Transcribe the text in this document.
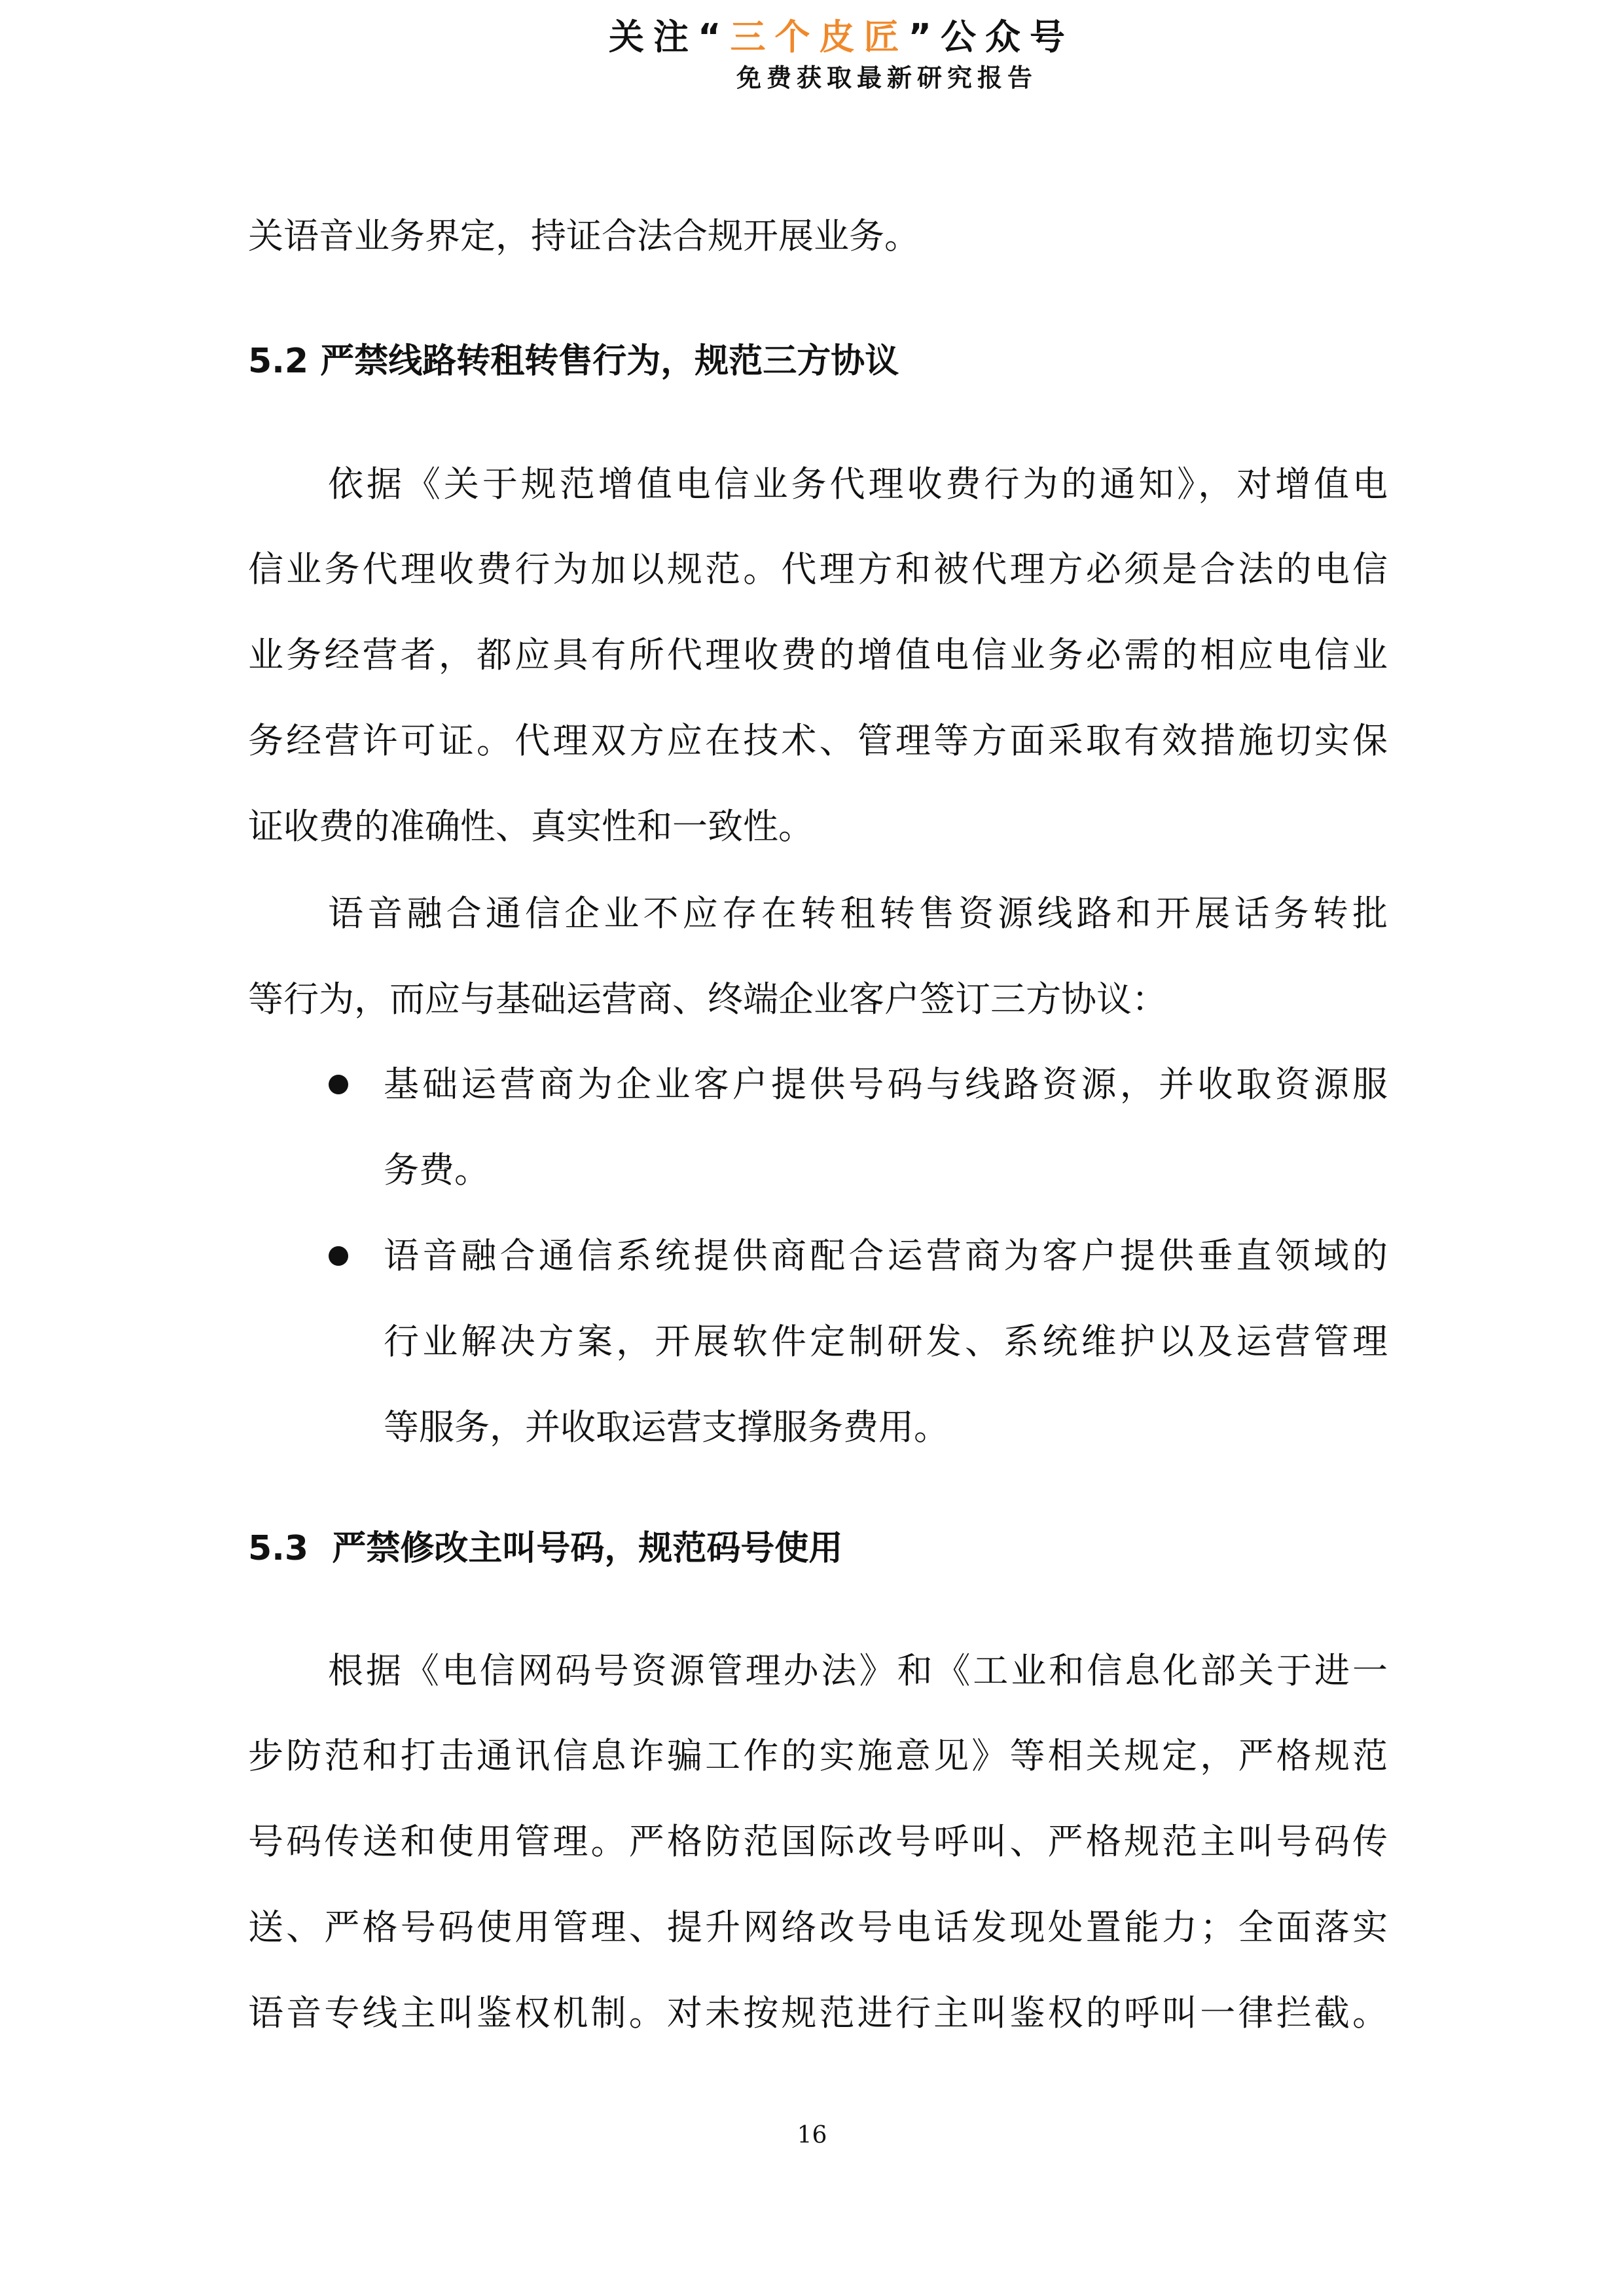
关注“三个皮匠”公众号
免费获取最新研究报告
关语音业务界定，持证合法合规开展业务。
5.2 严禁线路转租转售行为，规范三方协议
依据《关于规范增值电信业务代理收费行为的通知》，对增值电
信业务代理收费行为加以规范。代理方和被代理方必须是合法的电信
业务经营者，都应具有所代理收费的增值电信业务必需的相应电信业
务经营许可证。代理双方应在技术、管理等方面采取有效措施切实保
证收费的准确性、真实性和一致性。
语音融合通信企业不应存在转租转售资源线路和开展话务转批
等行为，而应与基础运营商、终端企业客户签订三方协议：
基础运营商为企业客户提供号码与线路资源，并收取资源服
务费。
语音融合通信系统提供商配合运营商为客户提供垂直领域的
行业解决方案，开展软件定制研发、系统维护以及运营管理
等服务，并收取运营支撑服务费用。
5.3  严禁修改主叫号码，规范码号使用
根据《电信网码号资源管理办法》和《工业和信息化部关于进一
步防范和打击通讯信息诈骗工作的实施意见》等相关规定，严格规范
号码传送和使用管理。严格防范国际改号呼叫、严格规范主叫号码传
送、严格号码使用管理、提升网络改号电话发现处置能力；全面落实
语音专线主叫鉴权机制。对未按规范进行主叫鉴权的呼叫一律拦截。
16
